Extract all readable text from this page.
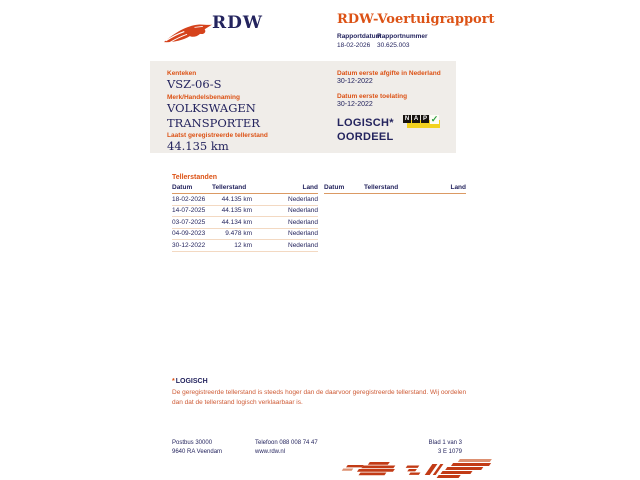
RDW	RDW-Voertuigrapport
Rapportdatum
18-02-2026
Rapportnummer
30.625.003
Kenteken
VSZ-06-S
Merk/Handelsbenaming
VOLKSWAGEN
TRANSPORTER
Laatst geregistreerde tellerstand
44.135 km
Datum eerste afgifte in Nederland
30-12-2022
Datum eerste toelating
30-12-2022
LOGISCH*
OORDEEL
N A P ✓
Tellerstanden
Datum	Tellerstand	Land
18-02-2026	44.135 km	Nederland
14-07-2025	44.135 km	Nederland
03-07-2025	44.134 km	Nederland
04-09-2023	9.478 km	Nederland
30-12-2022	12 km	Nederland
Datum	Tellerstand	Land
*LOGISCH
De geregistreerde tellerstand is steeds hoger dan de daarvoor geregistreerde tellerstand. Wij oordelen dan dat de tellerstand logisch verklaarbaar is.
Postbus 30000
9640 RA Veendam
Telefoon 088 008 74 47
www.rdw.nl
Blad 1 van 3
3 E 1079
